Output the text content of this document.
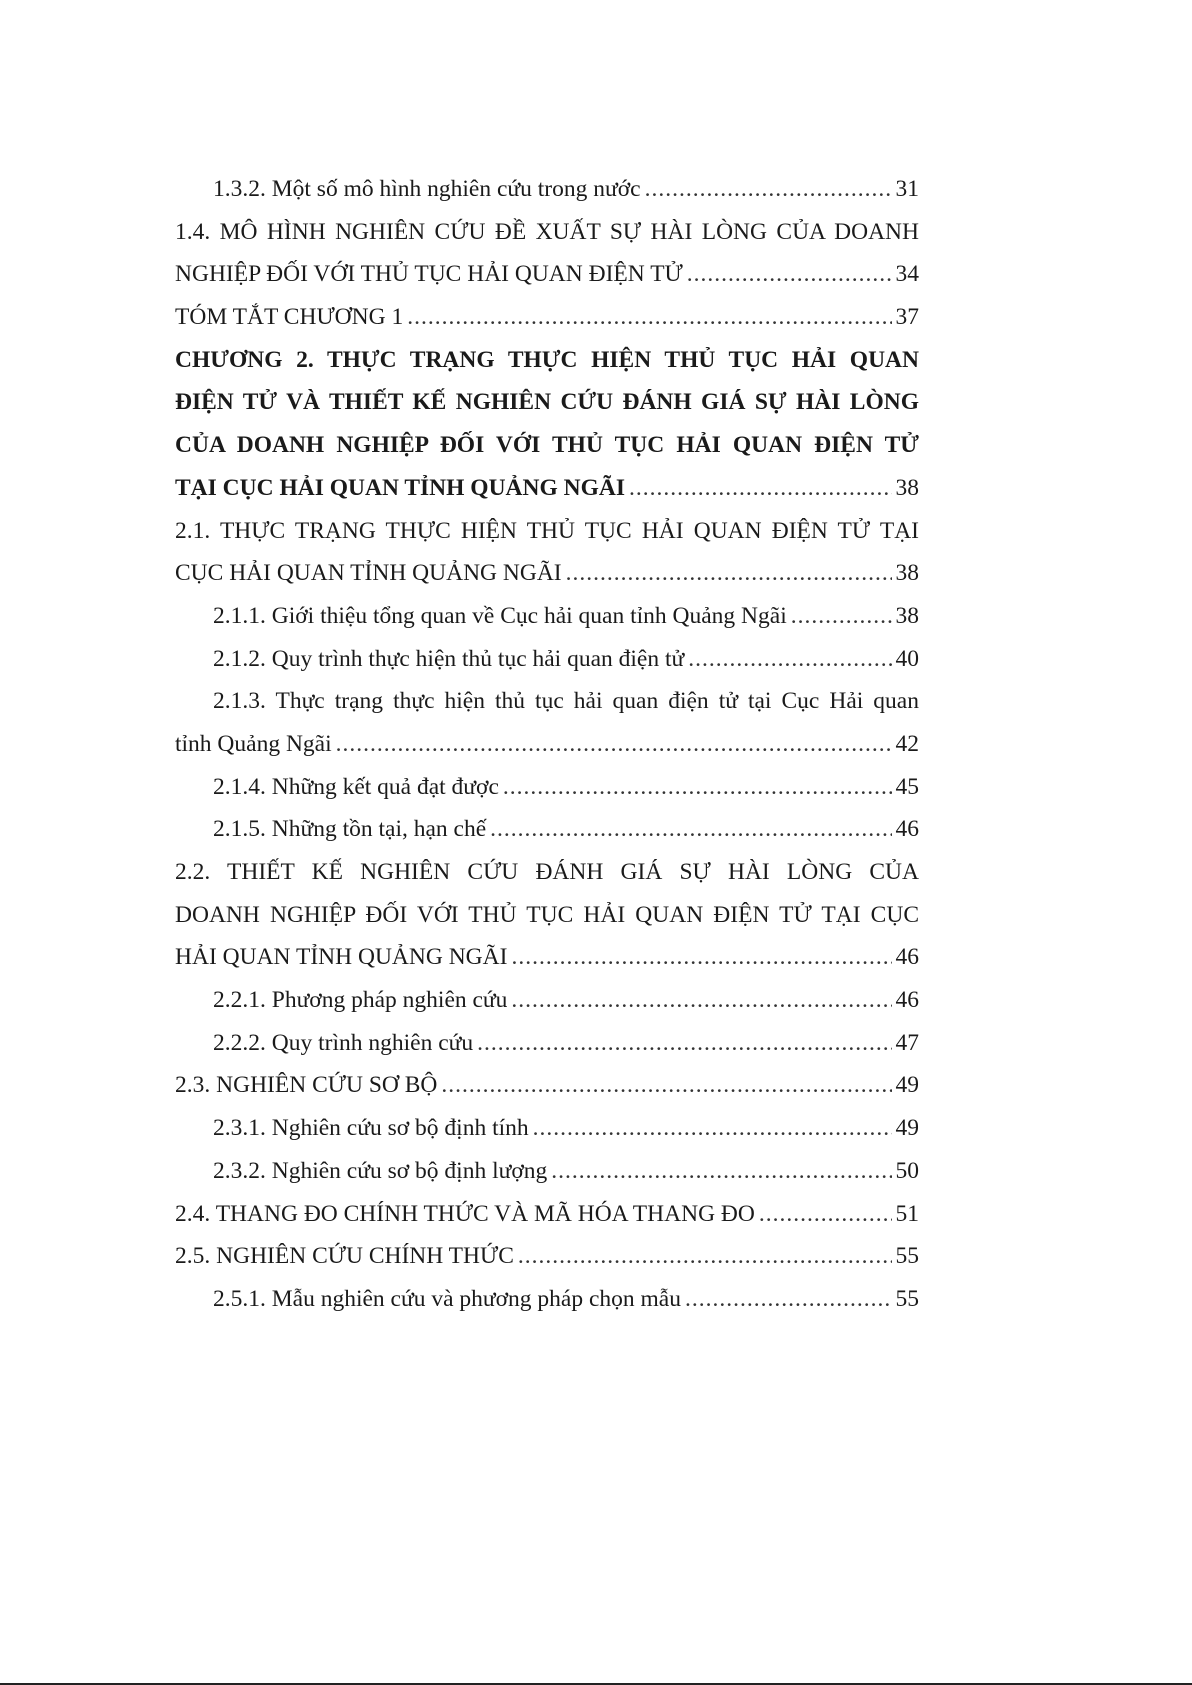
1.3.2. Một số mô hình nghiên cứu trong nước .....	31
1.4. MÔ HÌNH NGHIÊN CỨU ĐỀ XUẤT SỰ HÀI LÒNG CỦA DOANH
NGHIỆP ĐỐI VỚI THỦ TỤC HẢI QUAN ĐIỆN TỬ .....	34
TÓM TẮT CHƯƠNG 1 .....	37
CHƯƠNG 2. THỰC TRẠNG THỰC HIỆN THỦ TỤC HẢI QUAN
ĐIỆN TỬ VÀ THIẾT KẾ NGHIÊN CỨU ĐÁNH GIÁ SỰ HÀI LÒNG
CỦA DOANH NGHIỆP ĐỐI VỚI THỦ TỤC HẢI QUAN ĐIỆN TỬ
TẠI CỤC HẢI QUAN TỈNH QUẢNG NGÃI .....	38
2.1. THỰC TRẠNG THỰC HIỆN THỦ TỤC HẢI QUAN ĐIỆN TỬ TẠI
CỤC HẢI QUAN TỈNH QUẢNG NGÃI .....	38
2.1.1. Giới thiệu tổng quan về Cục hải quan tỉnh Quảng Ngãi .....	38
2.1.2. Quy trình thực hiện thủ tục hải quan điện tử .....	40
2.1.3. Thực trạng thực hiện thủ tục hải quan điện tử tại Cục Hải quan
tỉnh Quảng Ngãi .....	42
2.1.4. Những kết quả đạt được .....	45
2.1.5. Những tồn tại, hạn chế .....	46
2.2. THIẾT KẾ NGHIÊN CỨU ĐÁNH GIÁ SỰ HÀI LÒNG CỦA
DOANH NGHIỆP ĐỐI VỚI THỦ TỤC HẢI QUAN ĐIỆN TỬ TẠI CỤC
HẢI QUAN TỈNH QUẢNG NGÃI .....	46
2.2.1. Phương pháp nghiên cứu .....	46
2.2.2. Quy trình nghiên cứu .....	47
2.3. NGHIÊN CỨU SƠ BỘ .....	49
2.3.1. Nghiên cứu sơ bộ định tính .....	49
2.3.2. Nghiên cứu sơ bộ định lượng .....	50
2.4. THANG ĐO CHÍNH THỨC VÀ MÃ HÓA THANG ĐO .....	51
2.5. NGHIÊN CỨU CHÍNH THỨC .....	55
2.5.1. Mẫu nghiên cứu và phương pháp chọn mẫu .....	55
